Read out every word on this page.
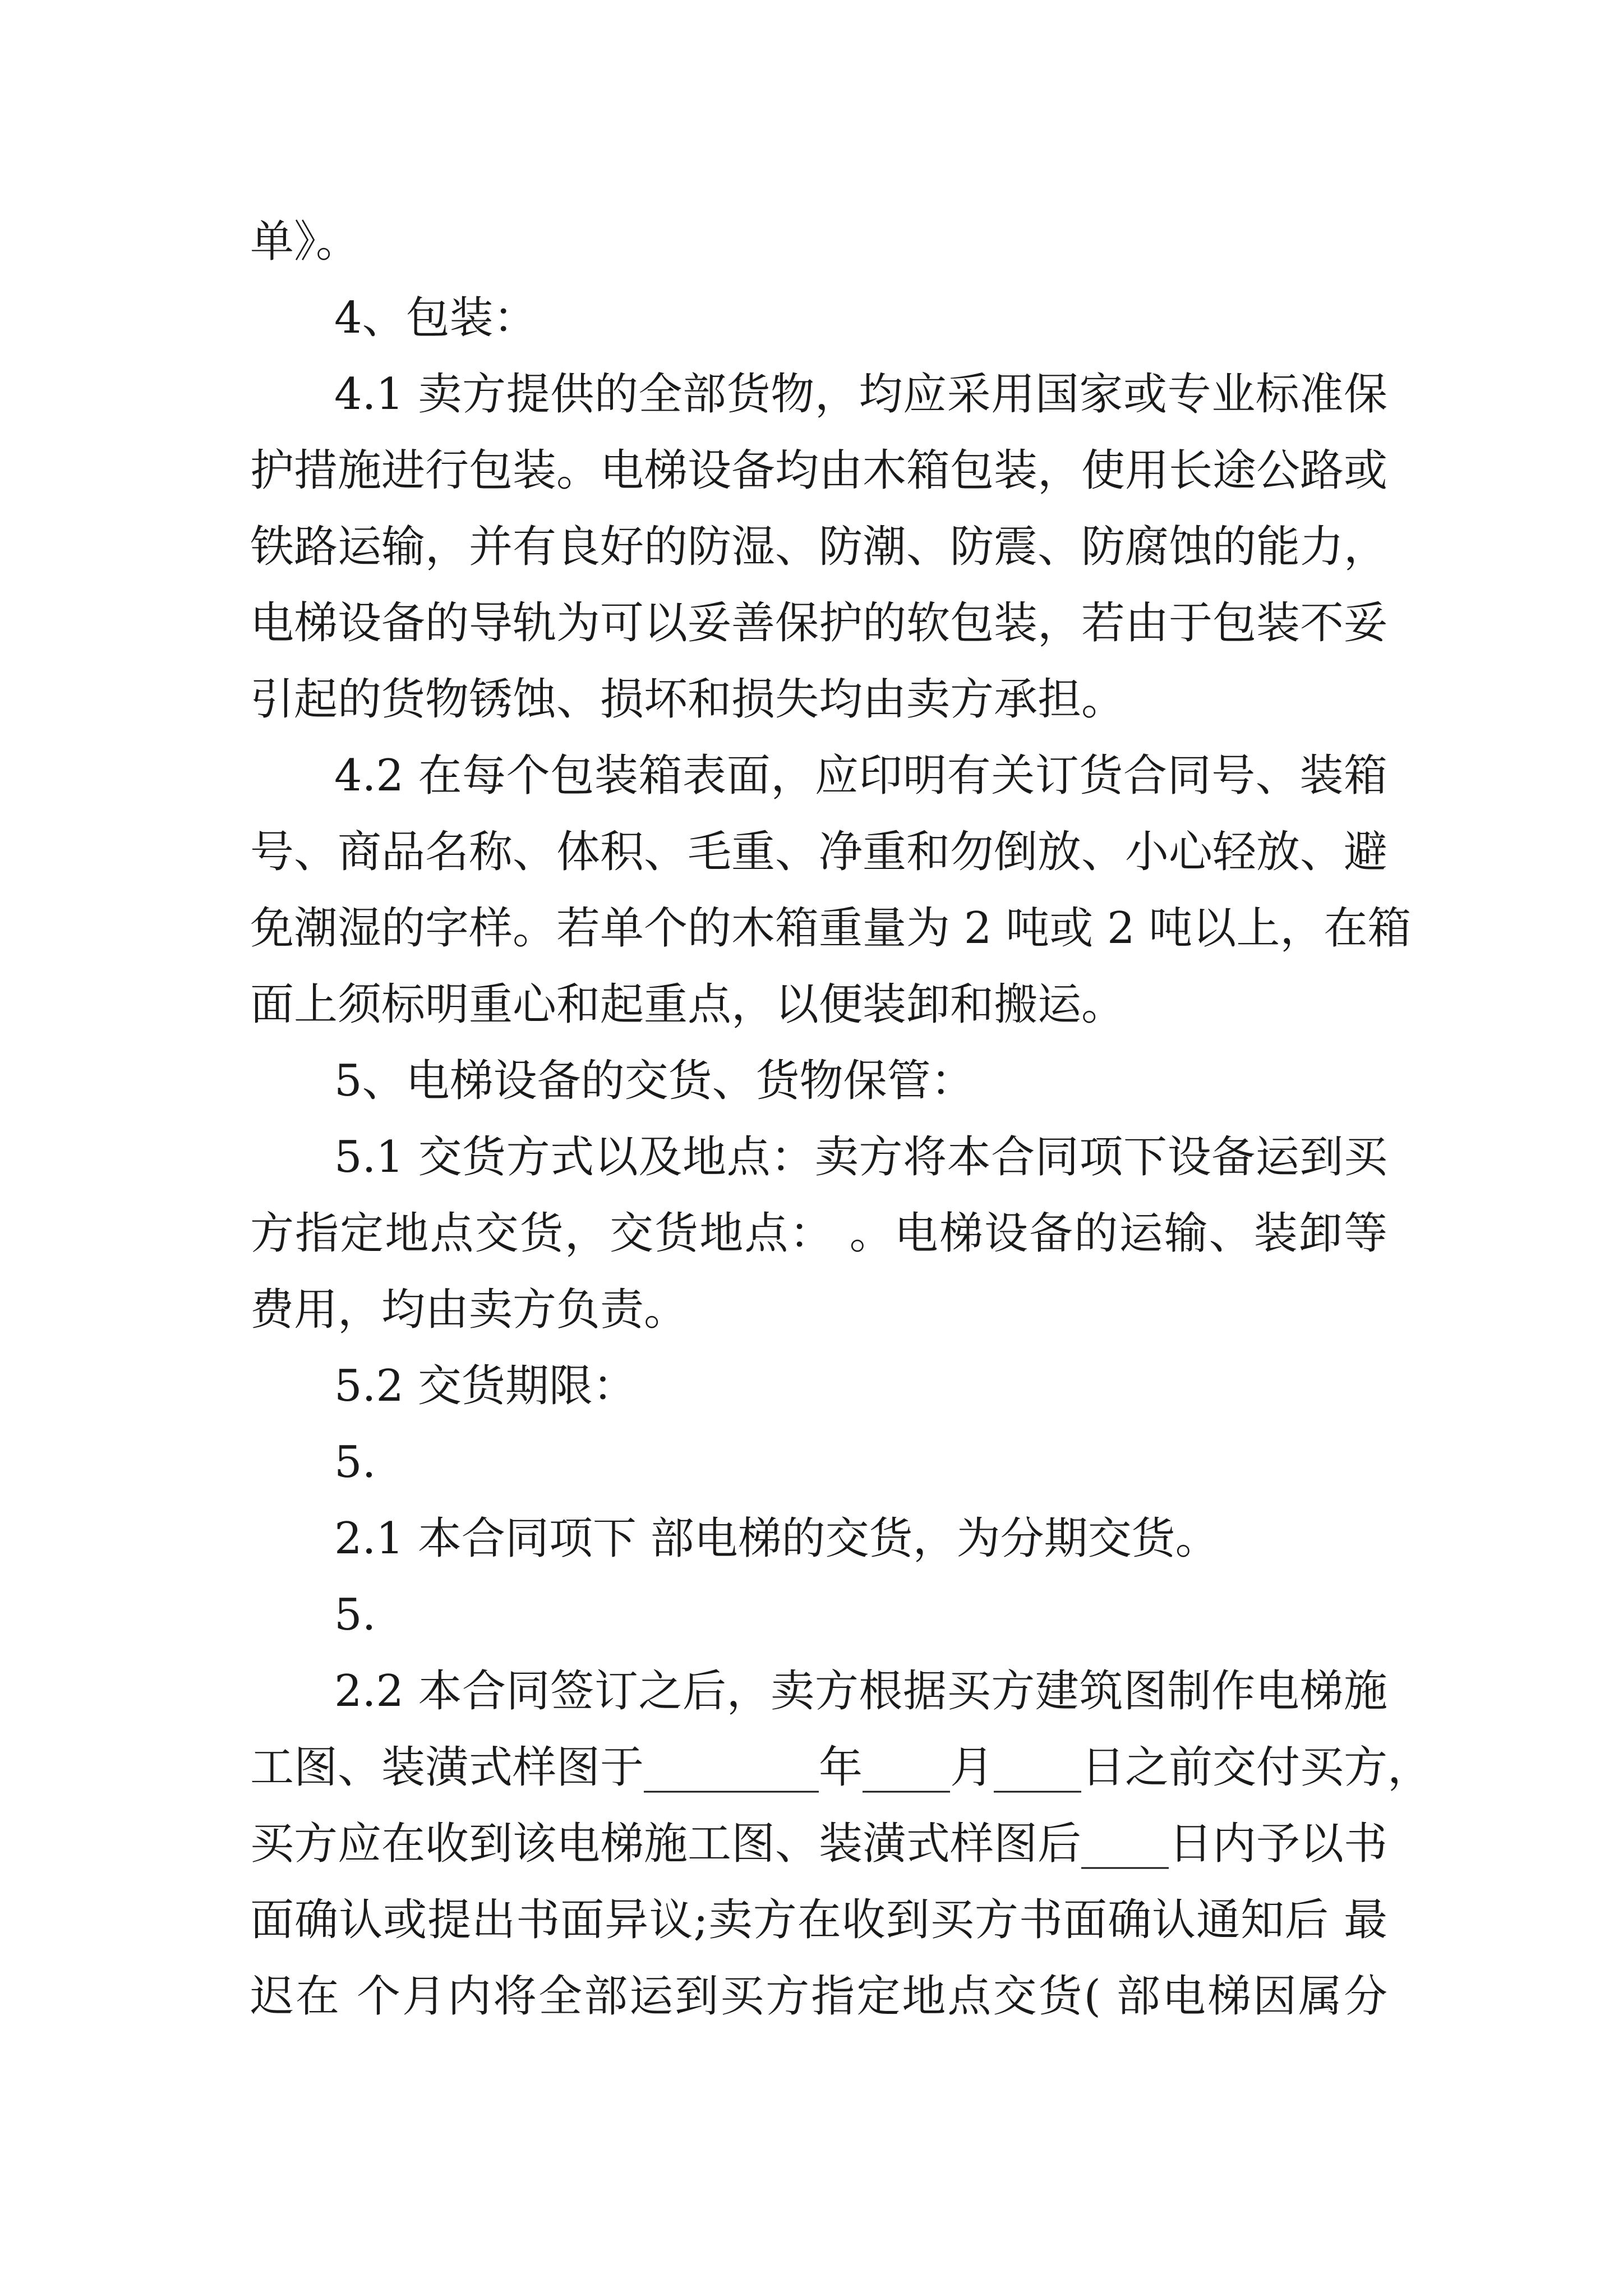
单》。
4、包装：
4.1 卖方提供的全部货物，均应采用国家或专业标准保
护措施进行包装。电梯设备均由木箱包装，使用长途公路或
铁路运输，并有良好的防湿、防潮、防震、防腐蚀的能力，
电梯设备的导轨为可以妥善保护的软包装，若由于包装不妥
引起的货物锈蚀、损坏和损失均由卖方承担。
4.2 在每个包装箱表面，应印明有关订货合同号、装箱
号、商品名称、体积、毛重、净重和勿倒放、小心轻放、避
免潮湿的字样。若单个的木箱重量为 2 吨或 2 吨以上，在箱
面上须标明重心和起重点，以便装卸和搬运。
5、电梯设备的交货、货物保管：
5.1 交货方式以及地点：卖方将本合同项下设备运到买
方指定地点交货，交货地点： 。电梯设备的运输、装卸等
费用，均由卖方负责。
5.2 交货期限：
5.
2.1 本合同项下 部电梯的交货，为分期交货。
5.
2.2 本合同签订之后，卖方根据买方建筑图制作电梯施
工图、装潢式样图于________年____月____日之前交付买方，
买方应在收到该电梯施工图、装潢式样图后____日内予以书
面确认或提出书面异议;卖方在收到买方书面确认通知后 最
迟在 个月内将全部运到买方指定地点交货( 部电梯因属分
